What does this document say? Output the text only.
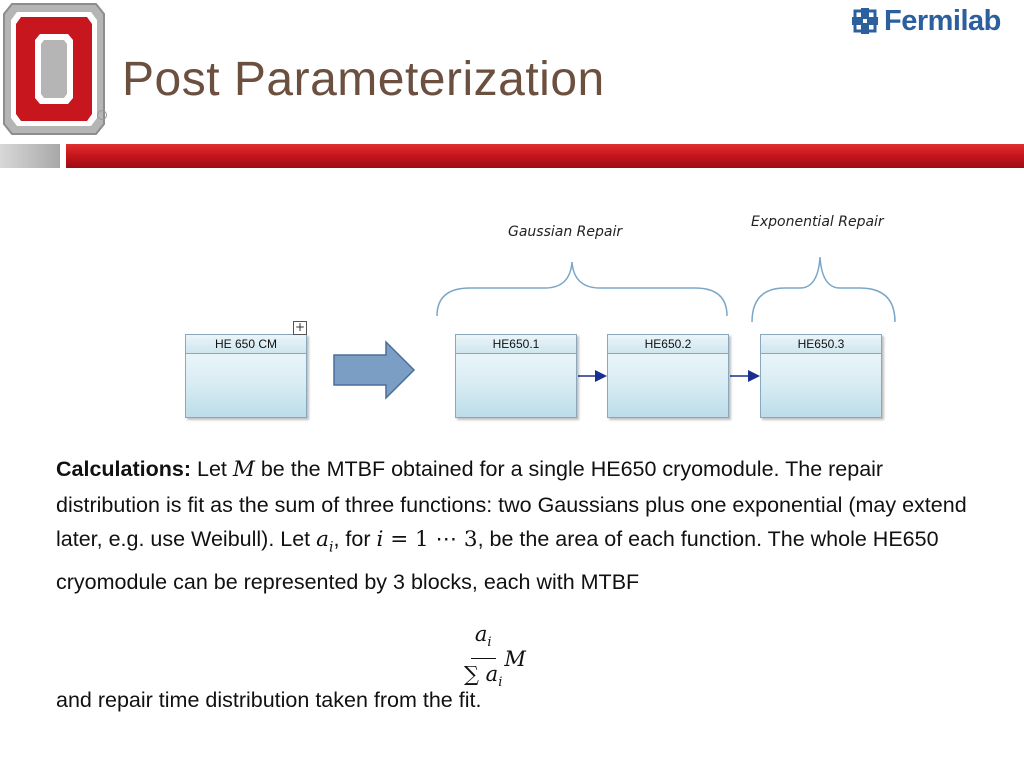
Post Parameterization
Fermilab
Gaussian Repair
Exponential Repair
HE 650 CM
+
HE650.1	HE650.2	HE650.3
Calculations: Let M be the MTBF obtained for a single HE650 cryomodule. The repair distribution is fit as the sum of three functions: two Gaussians plus one exponential (may extend later, e.g. use Weibull). Let $a_i$, for i = 1 ⋯ 3, be the area of each function. The whole HE650 cryomodule can be represented by 3 blocks, each with MTBF
$\frac{a_i}{\sum a_i}$ M
and repair time distribution taken from the fit.
